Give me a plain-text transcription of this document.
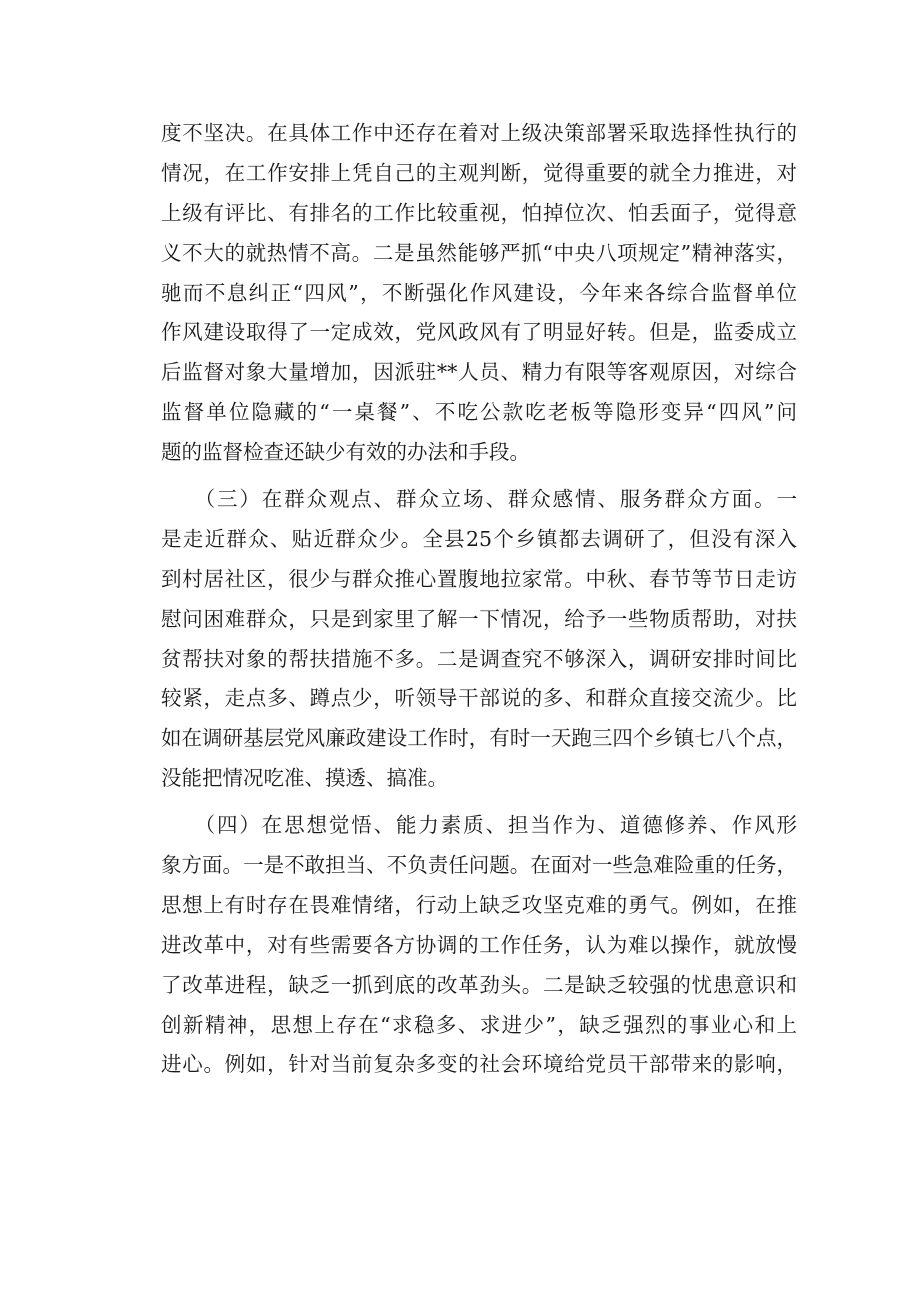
度不坚决。在具体工作中还存在着对上级决策部署采取选择性执行的
情况，在工作安排上凭自己的主观判断，觉得重要的就全力推进，对
上级有评比、有排名的工作比较重视，怕掉位次、怕丢面子，觉得意
义不大的就热情不高。二是虽然能够严抓“中央八项规定”精神落实，
驰而不息纠正“四风”，不断强化作风建设，今年来各综合监督单位
作风建设取得了一定成效，党风政风有了明显好转。但是，监委成立
后监督对象大量增加，因派驻**人员、精力有限等客观原因，对综合
监督单位隐藏的“一桌餐”、不吃公款吃老板等隐形变异“四风”问
题的监督检查还缺少有效的办法和手段。
（三）在群众观点、群众立场、群众感情、服务群众方面。一
是走近群众、贴近群众少。全县25个乡镇都去调研了，但没有深入
到村居社区，很少与群众推心置腹地拉家常。中秋、春节等节日走访
慰问困难群众，只是到家里了解一下情况，给予一些物质帮助，对扶
贫帮扶对象的帮扶措施不多。二是调查究不够深入，调研安排时间比
较紧，走点多、蹲点少，听领导干部说的多、和群众直接交流少。比
如在调研基层党风廉政建设工作时，有时一天跑三四个乡镇七八个点，
没能把情况吃准、摸透、搞准。
（四）在思想觉悟、能力素质、担当作为、道德修养、作风形
象方面。一是不敢担当、不负责任问题。在面对一些急难险重的任务，
思想上有时存在畏难情绪，行动上缺乏攻坚克难的勇气。例如，在推
进改革中，对有些需要各方协调的工作任务，认为难以操作，就放慢
了改革进程，缺乏一抓到底的改革劲头。二是缺乏较强的忧患意识和
创新精神，思想上存在“求稳多、求进少”，缺乏强烈的事业心和上
进心。例如，针对当前复杂多变的社会环境给党员干部带来的影响，
